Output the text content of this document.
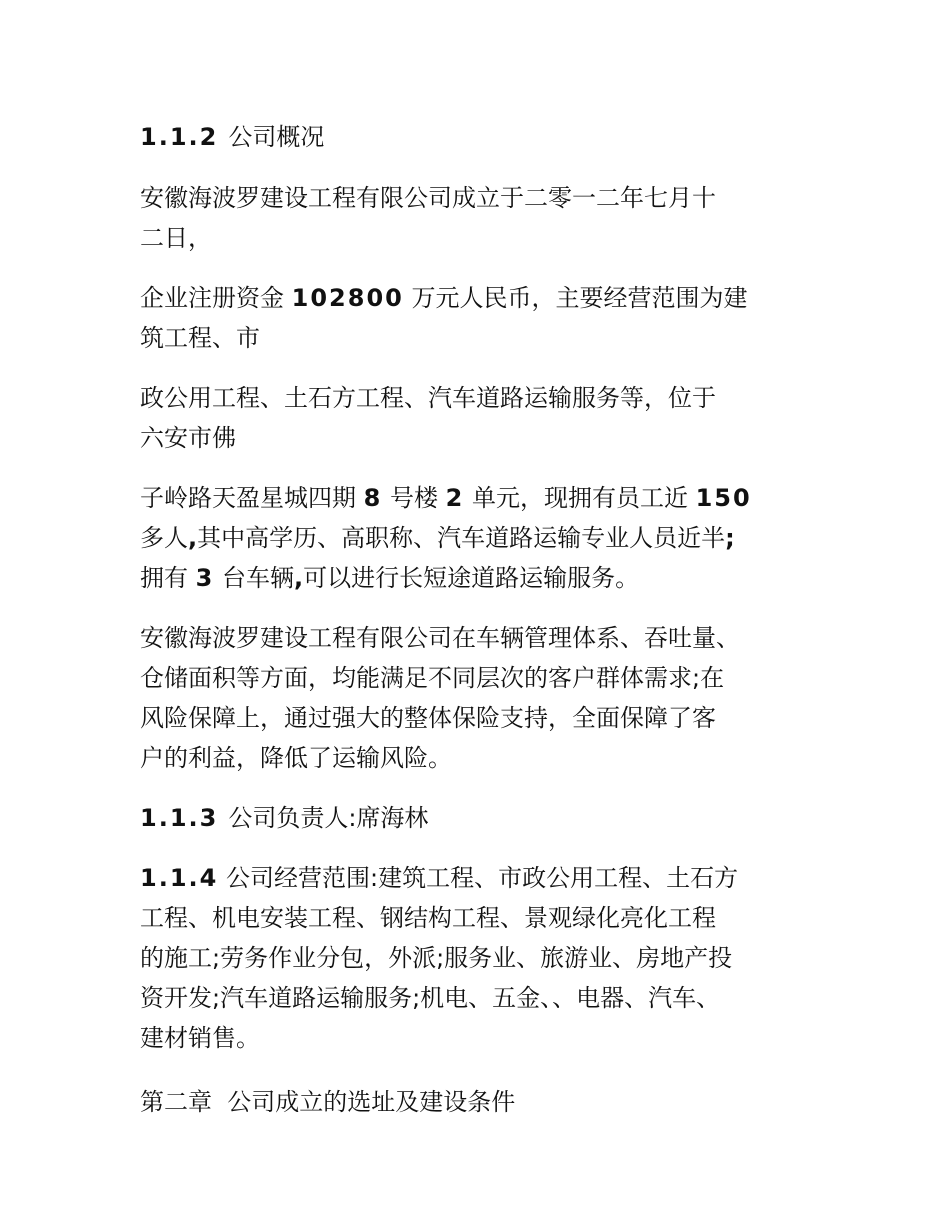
1.1.2 公司概况
安徽海波罗建设工程有限公司成立于二零一二年七月十
二日，
企业注册资金 102800 万元人民币，主要经营范围为建
筑工程、市
政公用工程、土石方工程、汽车道路运输服务等，位于
六安市佛
子岭路天盈星城四期 8 号楼 2 单元，现拥有员工近 150
多人,其中高学历、高职称、汽车道路运输专业人员近半;
拥有 3 台车辆,可以进行长短途道路运输服务。
安徽海波罗建设工程有限公司在车辆管理体系、吞吐量、
仓储面积等方面，均能满足不同层次的客户群体需求;在
风险保障上，通过强大的整体保险支持，全面保障了客
户的利益，降低了运输风险。
1.1.3 公司负责人:席海林
1.1.4 公司经营范围:建筑工程、市政公用工程、土石方
工程、机电安装工程、钢结构工程、景观绿化亮化工程
的施工;劳务作业分包，外派;服务业、旅游业、房地产投
资开发;汽车道路运输服务;机电、五金、、电器、汽车、
建材销售。
第二章  公司成立的选址及建设条件
